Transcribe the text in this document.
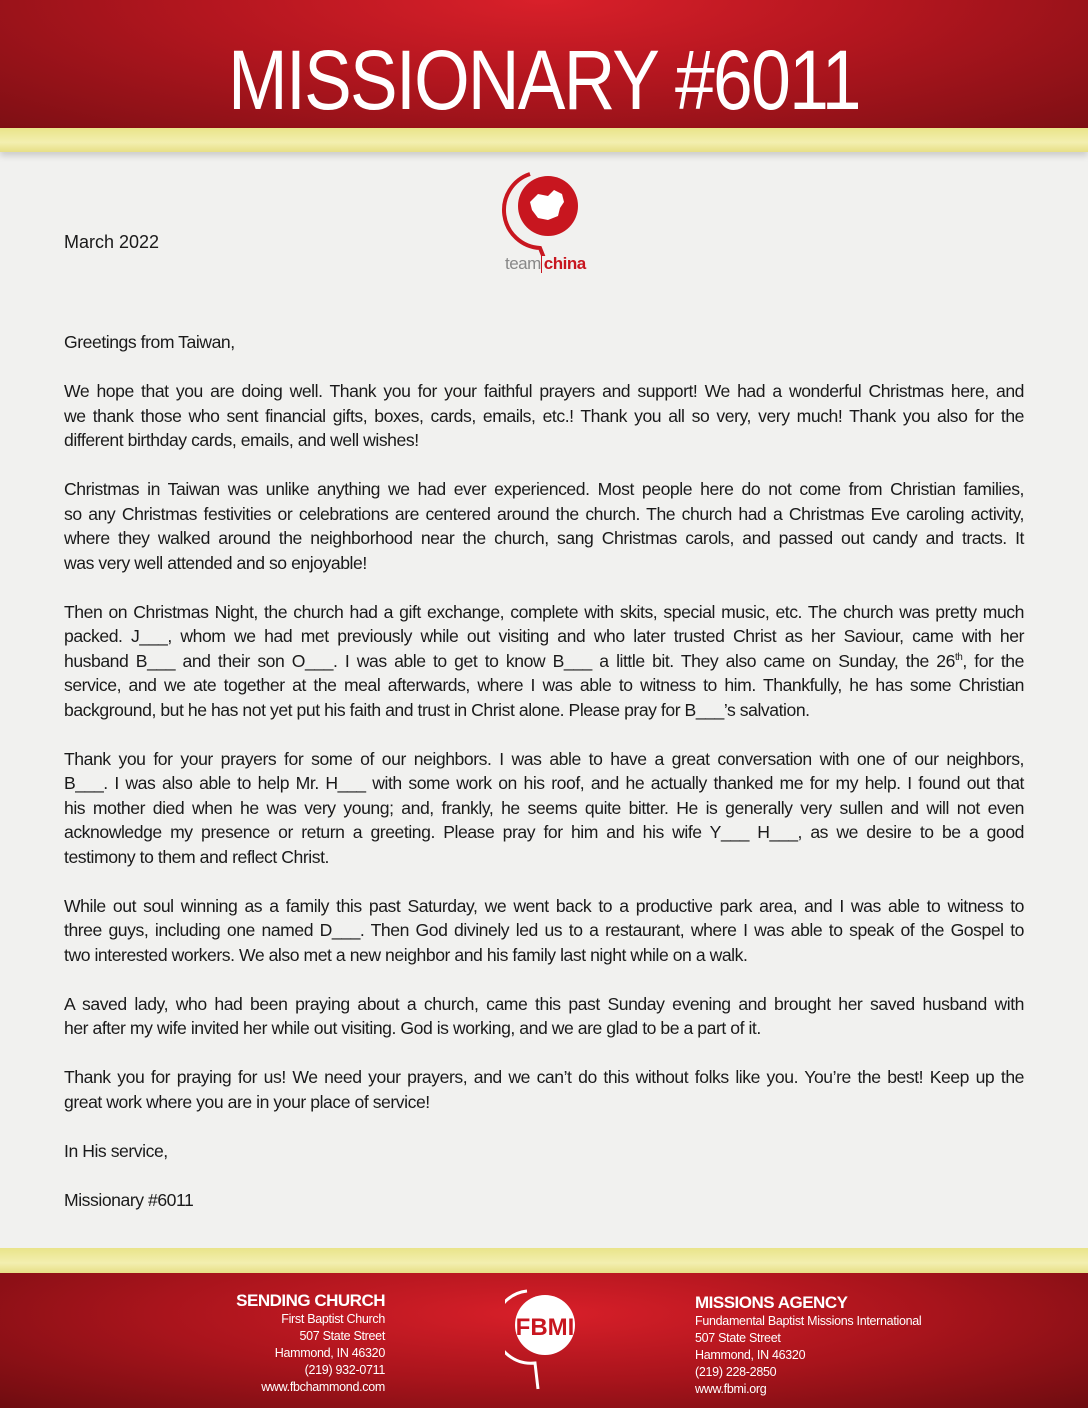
MISSIONARY #6011
March 2022
team china
Greetings from Taiwan,
We hope that you are doing well. Thank you for your faithful prayers and support! We had a wonderful Christmas here, and
we thank those who sent financial gifts, boxes, cards, emails, etc.! Thank you all so very, very much! Thank you also for the
different birthday cards, emails, and well wishes!
Christmas in Taiwan was unlike anything we had ever experienced. Most people here do not come from Christian families,
so any Christmas festivities or celebrations are centered around the church. The church had a Christmas Eve caroling activity,
where they walked around the neighborhood near the church, sang Christmas carols, and passed out candy and tracts. It
was very well attended and so enjoyable!
Then on Christmas Night, the church had a gift exchange, complete with skits, special music, etc. The church was pretty much
packed. J___, whom we had met previously while out visiting and who later trusted Christ as her Saviour, came with her
husband B___ and their son O___. I was able to get to know B___ a little bit. They also came on Sunday, the 26th, for the
service, and we ate together at the meal afterwards, where I was able to witness to him. Thankfully, he has some Christian
background, but he has not yet put his faith and trust in Christ alone. Please pray for B___’s salvation.
Thank you for your prayers for some of our neighbors. I was able to have a great conversation with one of our neighbors,
B___. I was also able to help Mr. H___ with some work on his roof, and he actually thanked me for my help. I found out that
his mother died when he was very young; and, frankly, he seems quite bitter. He is generally very sullen and will not even
acknowledge my presence or return a greeting. Please pray for him and his wife Y___ H___, as we desire to be a good
testimony to them and reflect Christ.
While out soul winning as a family this past Saturday, we went back to a productive park area, and I was able to witness to
three guys, including one named D___. Then God divinely led us to a restaurant, where I was able to speak of the Gospel to
two interested workers. We also met a new neighbor and his family last night while on a walk.
A saved lady, who had been praying about a church, came this past Sunday evening and brought her saved husband with
her after my wife invited her while out visiting. God is working, and we are glad to be a part of it.
Thank you for praying for us! We need your prayers, and we can’t do this without folks like you. You’re the best! Keep up the
great work where you are in your place of service!
In His service,
Missionary #6011
SENDING CHURCH
First Baptist Church
507 State Street
Hammond, IN 46320
(219) 932-0711
www.fbchammond.com
FBMI
MISSIONS AGENCY
Fundamental Baptist Missions International
507 State Street
Hammond, IN 46320
(219) 228-2850
www.fbmi.org
